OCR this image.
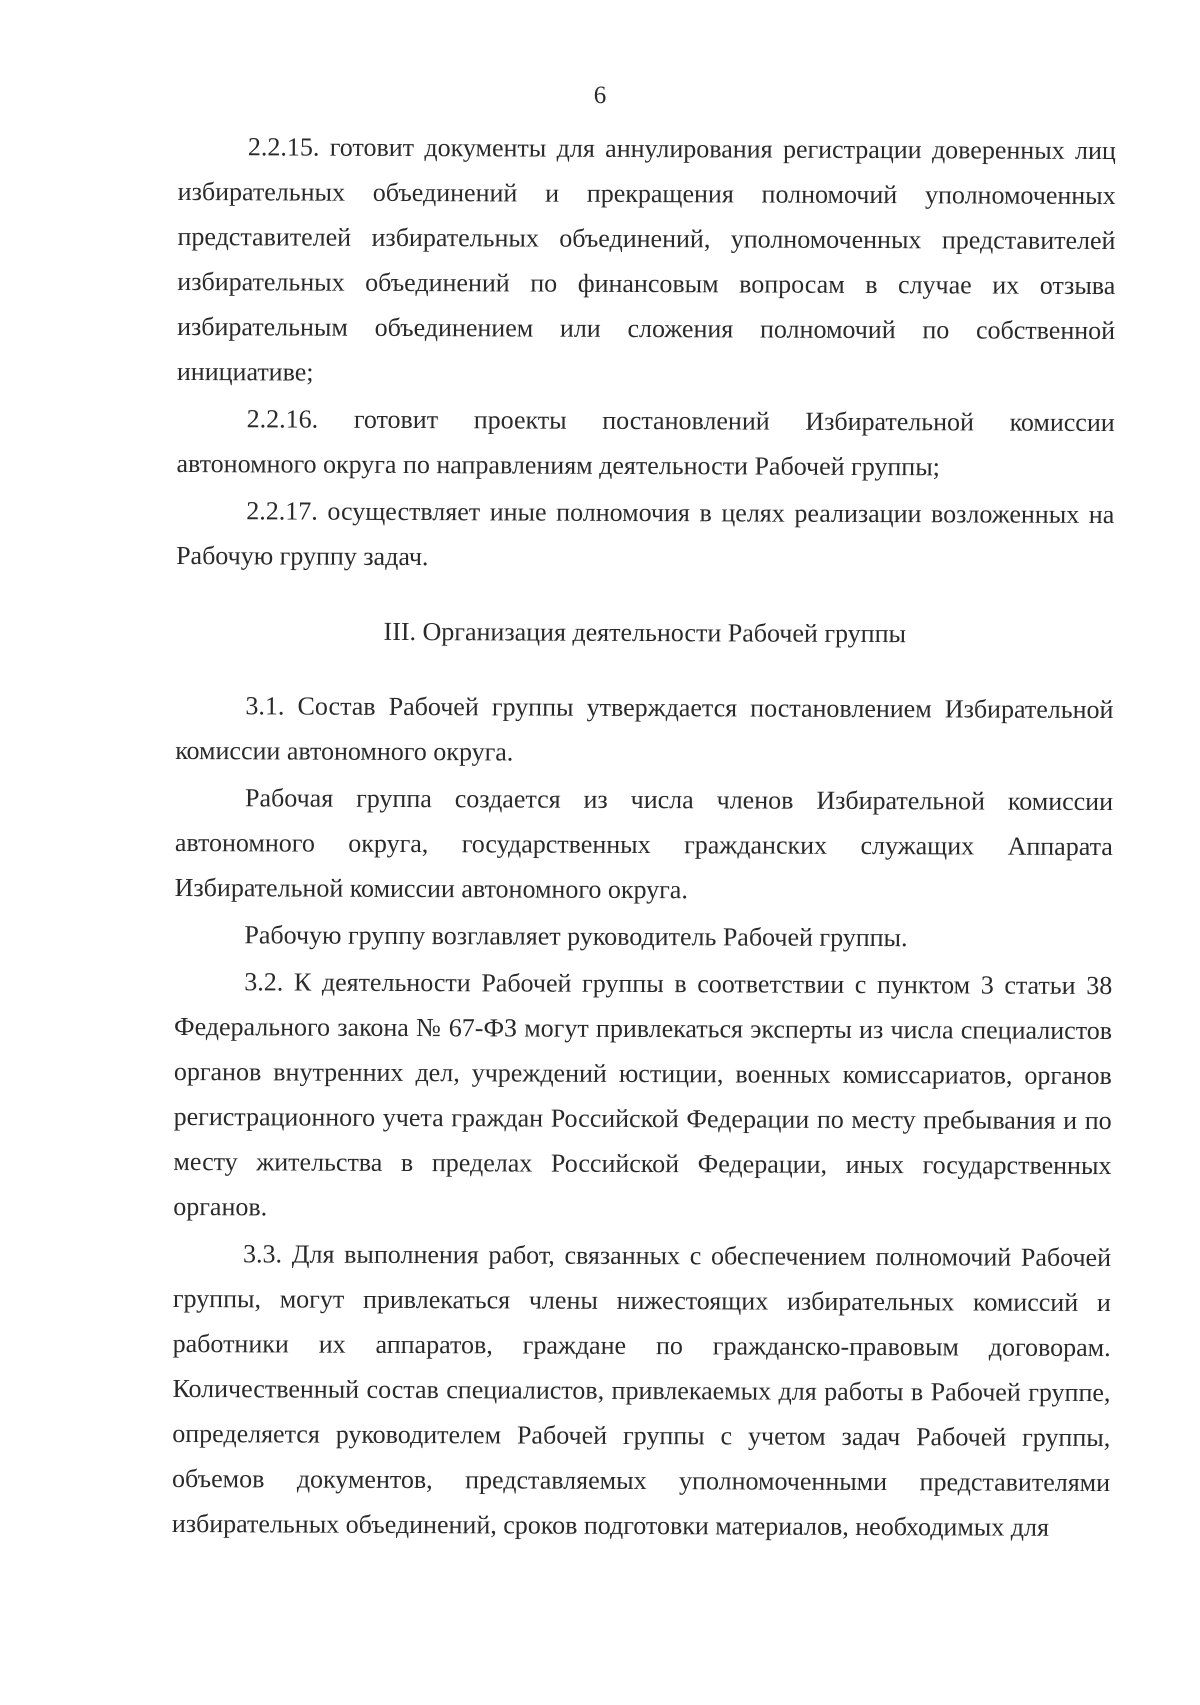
6

2.2.15. готовит документы для аннулирования регистрации доверенных лиц избирательных объединений и прекращения полномочий уполномоченных представителей избирательных объединений, уполномоченных представителей избирательных объединений по финансовым вопросам в случае их отзыва избирательным объединением или сложения полномочий по собственной инициативе;

2.2.16. готовит проекты постановлений Избирательной комиссии автономного округа по направлениям деятельности Рабочей группы;

2.2.17. осуществляет иные полномочия в целях реализации возложенных на Рабочую группу задач.

III. Организация деятельности Рабочей группы

3.1. Состав Рабочей группы утверждается постановлением Избирательной комиссии автономного округа.

Рабочая группа создается из числа членов Избирательной комиссии автономного округа, государственных гражданских служащих Аппарата Избирательной комиссии автономного округа.

Рабочую группу возглавляет руководитель Рабочей группы.

3.2. К деятельности Рабочей группы в соответствии с пунктом 3 статьи 38 Федерального закона № 67-ФЗ могут привлекаться эксперты из числа специалистов органов внутренних дел, учреждений юстиции, военных комиссариатов, органов регистрационного учета граждан Российской Федерации по месту пребывания и по месту жительства в пределах Российской Федерации, иных государственных органов.

3.3. Для выполнения работ, связанных с обеспечением полномочий Рабочей группы, могут привлекаться члены нижестоящих избирательных комиссий и работники их аппаратов, граждане по гражданско-правовым договорам. Количественный состав специалистов, привлекаемых для работы в Рабочей группе, определяется руководителем Рабочей группы с учетом задач Рабочей группы, объемов документов, представляемых уполномоченными представителями избирательных объединений, сроков подготовки материалов, необходимых для
